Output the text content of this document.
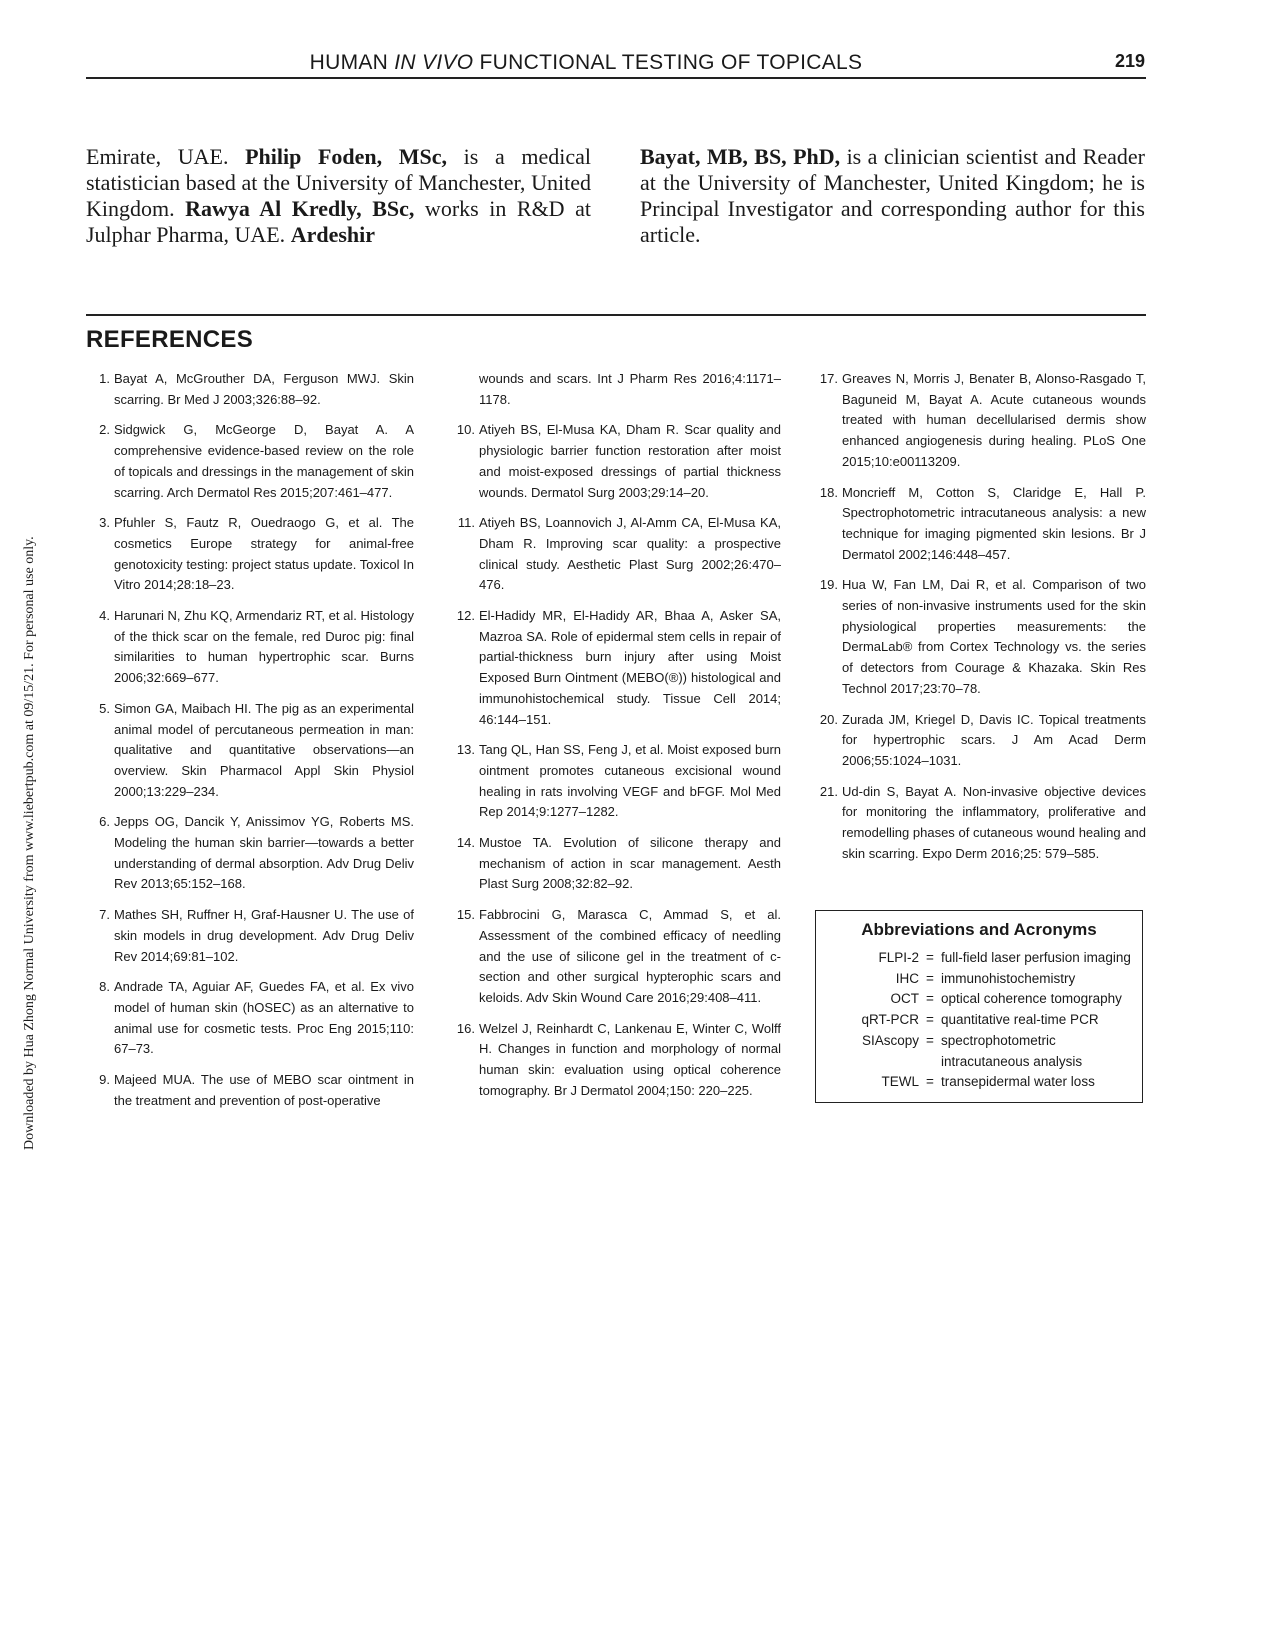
HUMAN IN VIVO FUNCTIONAL TESTING OF TOPICALS	219
Emirate, UAE. Philip Foden, MSc, is a medical statistician based at the University of Manchester, United Kingdom. Rawya Al Kredly, BSc, works in R&D at Julphar Pharma, UAE. Ardeshir
Bayat, MB, BS, PhD, is a clinician scientist and Reader at the University of Manchester, United Kingdom; he is Principal Investigator and corresponding author for this article.
REFERENCES
1. Bayat A, McGrouther DA, Ferguson MWJ. Skin scarring. Br Med J 2003;326:88–92.
2. Sidgwick G, McGeorge D, Bayat A. A comprehensive evidence-based review on the role of topicals and dressings in the management of skin scarring. Arch Dermatol Res 2015;207:461–477.
3. Pfuhler S, Fautz R, Ouedraogo G, et al. The cosmetics Europe strategy for animal-free genotoxicity testing: project status update. Toxicol In Vitro 2014;28:18–23.
4. Harunari N, Zhu KQ, Armendariz RT, et al. Histology of the thick scar on the female, red Duroc pig: final similarities to human hypertrophic scar. Burns 2006;32:669–677.
5. Simon GA, Maibach HI. The pig as an experimental animal model of percutaneous permeation in man: qualitative and quantitative observations—an overview. Skin Pharmacol Appl Skin Physiol 2000;13:229–234.
6. Jepps OG, Dancik Y, Anissimov YG, Roberts MS. Modeling the human skin barrier—towards a better understanding of dermal absorption. Adv Drug Deliv Rev 2013;65:152–168.
7. Mathes SH, Ruffner H, Graf-Hausner U. The use of skin models in drug development. Adv Drug Deliv Rev 2014;69:81–102.
8. Andrade TA, Aguiar AF, Guedes FA, et al. Ex vivo model of human skin (hOSEC) as an alternative to animal use for cosmetic tests. Proc Eng 2015;110: 67–73.
9. Majeed MUA. The use of MEBO scar ointment in the treatment and prevention of post-operative
wounds and scars. Int J Pharm Res 2016;4:1171–1178.
10. Atiyeh BS, El-Musa KA, Dham R. Scar quality and physiologic barrier function restoration after moist and moist-exposed dressings of partial thickness wounds. Dermatol Surg 2003;29:14–20.
11. Atiyeh BS, Loannovich J, Al-Amm CA, El-Musa KA, Dham R. Improving scar quality: a prospective clinical study. Aesthetic Plast Surg 2002;26:470–476.
12. El-Hadidy MR, El-Hadidy AR, Bhaa A, Asker SA, Mazroa SA. Role of epidermal stem cells in repair of partial-thickness burn injury after using Moist Exposed Burn Ointment (MEBO(®)) histological and immunohistochemical study. Tissue Cell 2014; 46:144–151.
13. Tang QL, Han SS, Feng J, et al. Moist exposed burn ointment promotes cutaneous excisional wound healing in rats involving VEGF and bFGF. Mol Med Rep 2014;9:1277–1282.
14. Mustoe TA. Evolution of silicone therapy and mechanism of action in scar management. Aesth Plast Surg 2008;32:82–92.
15. Fabbrocini G, Marasca C, Ammad S, et al. Assessment of the combined efficacy of needling and the use of silicone gel in the treatment of c-section and other surgical hypterophic scars and keloids. Adv Skin Wound Care 2016;29:408–411.
16. Welzel J, Reinhardt C, Lankenau E, Winter C, Wolff H. Changes in function and morphology of normal human skin: evaluation using optical coherence tomography. Br J Dermatol 2004;150: 220–225.
17. Greaves N, Morris J, Benater B, Alonso-Rasgado T, Baguneid M, Bayat A. Acute cutaneous wounds treated with human decellularised dermis show enhanced angiogenesis during healing. PLoS One 2015;10:e00113209.
18. Moncrieff M, Cotton S, Claridge E, Hall P. Spectrophotometric intracutaneous analysis: a new technique for imaging pigmented skin lesions. Br J Dermatol 2002;146:448–457.
19. Hua W, Fan LM, Dai R, et al. Comparison of two series of non-invasive instruments used for the skin physiological properties measurements: the DermaLab® from Cortex Technology vs. the series of detectors from Courage & Khazaka. Skin Res Technol 2017;23:70–78.
20. Zurada JM, Kriegel D, Davis IC. Topical treatments for hypertrophic scars. J Am Acad Derm 2006;55:1024–1031.
21. Ud-din S, Bayat A. Non-invasive objective devices for monitoring the inflammatory, proliferative and remodelling phases of cutaneous wound healing and skin scarring. Expo Derm 2016;25: 579–585.
Abbreviations and Acronyms
FLPI-2 = full-field laser perfusion imaging
IHC = immunohistochemistry
OCT = optical coherence tomography
qRT-PCR = quantitative real-time PCR
SIAscopy = spectrophotometric intracutaneous analysis
TEWL = transepidermal water loss
Downloaded by Hua Zhong Normal University from www.liebertpub.com at 09/15/21. For personal use only.
